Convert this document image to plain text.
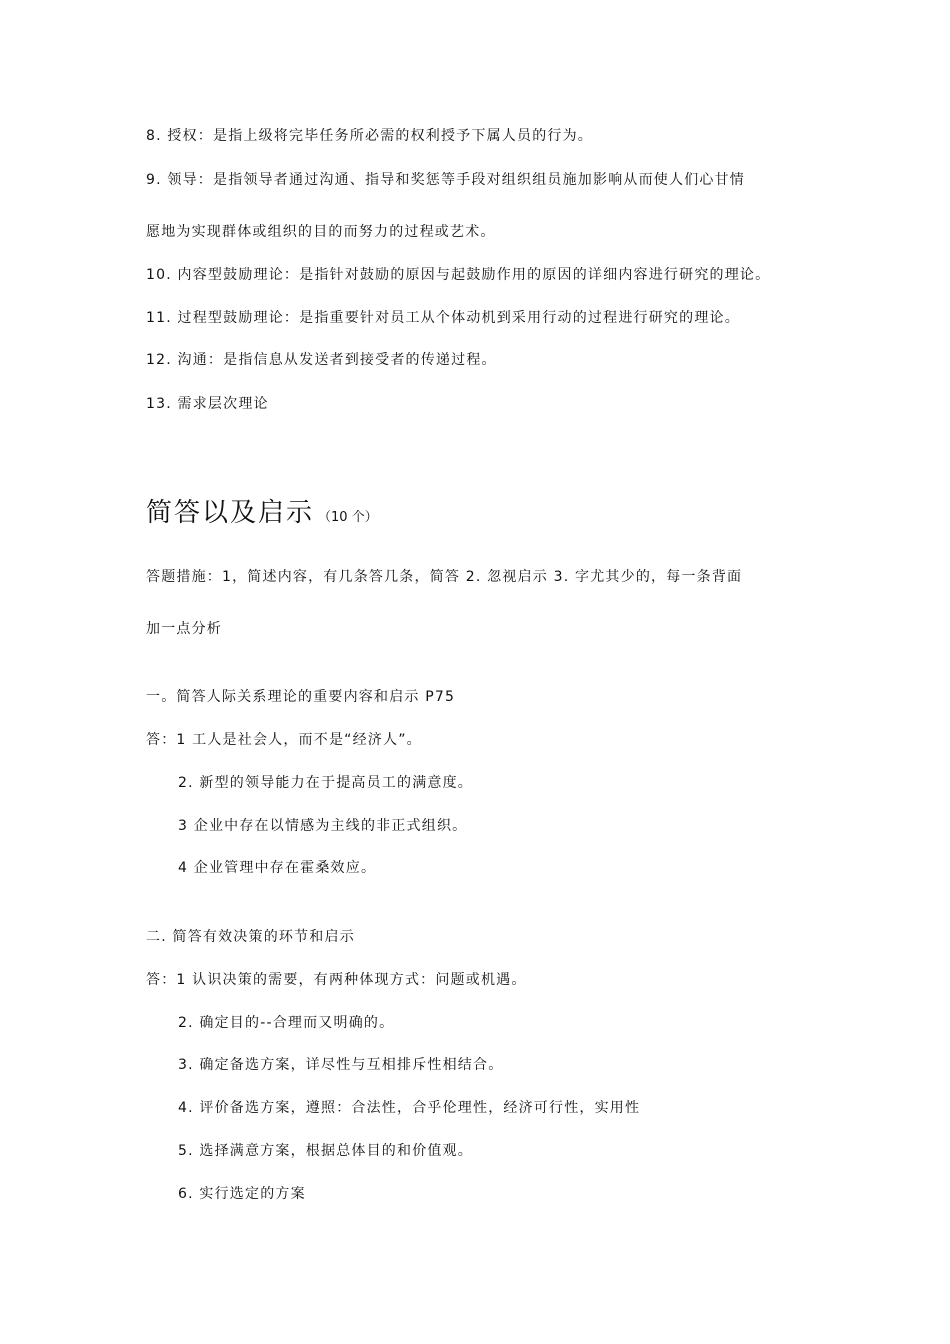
8. 授权：是指上级将完毕任务所必需的权利授予下属人员的行为。
9. 领导：是指领导者通过沟通、指导和奖惩等手段对组织组员施加影响从而使人们心甘情
愿地为实现群体或组织的目的而努力的过程或艺术。
10. 内容型鼓励理论：是指针对鼓励的原因与起鼓励作用的原因的详细内容进行研究的理论。
11. 过程型鼓励理论：是指重要针对员工从个体动机到采用行动的过程进行研究的理论。
12. 沟通：是指信息从发送者到接受者的传递过程。
13. 需求层次理论
简答以及启示 （10 个）
答题措施：1，简述内容，有几条答几条，简答 2. 忽视启示 3. 字尤其少的，每一条背面
加一点分析
一。简答人际关系理论的重要内容和启示 P75
答：1 工人是社会人，而不是“经济人”。
2. 新型的领导能力在于提高员工的满意度。
3 企业中存在以情感为主线的非正式组织。
4 企业管理中存在霍桑效应。
二. 简答有效决策的环节和启示
答：1 认识决策的需要，有两种体现方式：问题或机遇。
2. 确定目的--合理而又明确的。
3. 确定备选方案，详尽性与互相排斥性相结合。
4. 评价备选方案，遵照：合法性，合乎伦理性，经济可行性，实用性
5. 选择满意方案，根据总体目的和价值观。
6. 实行选定的方案
